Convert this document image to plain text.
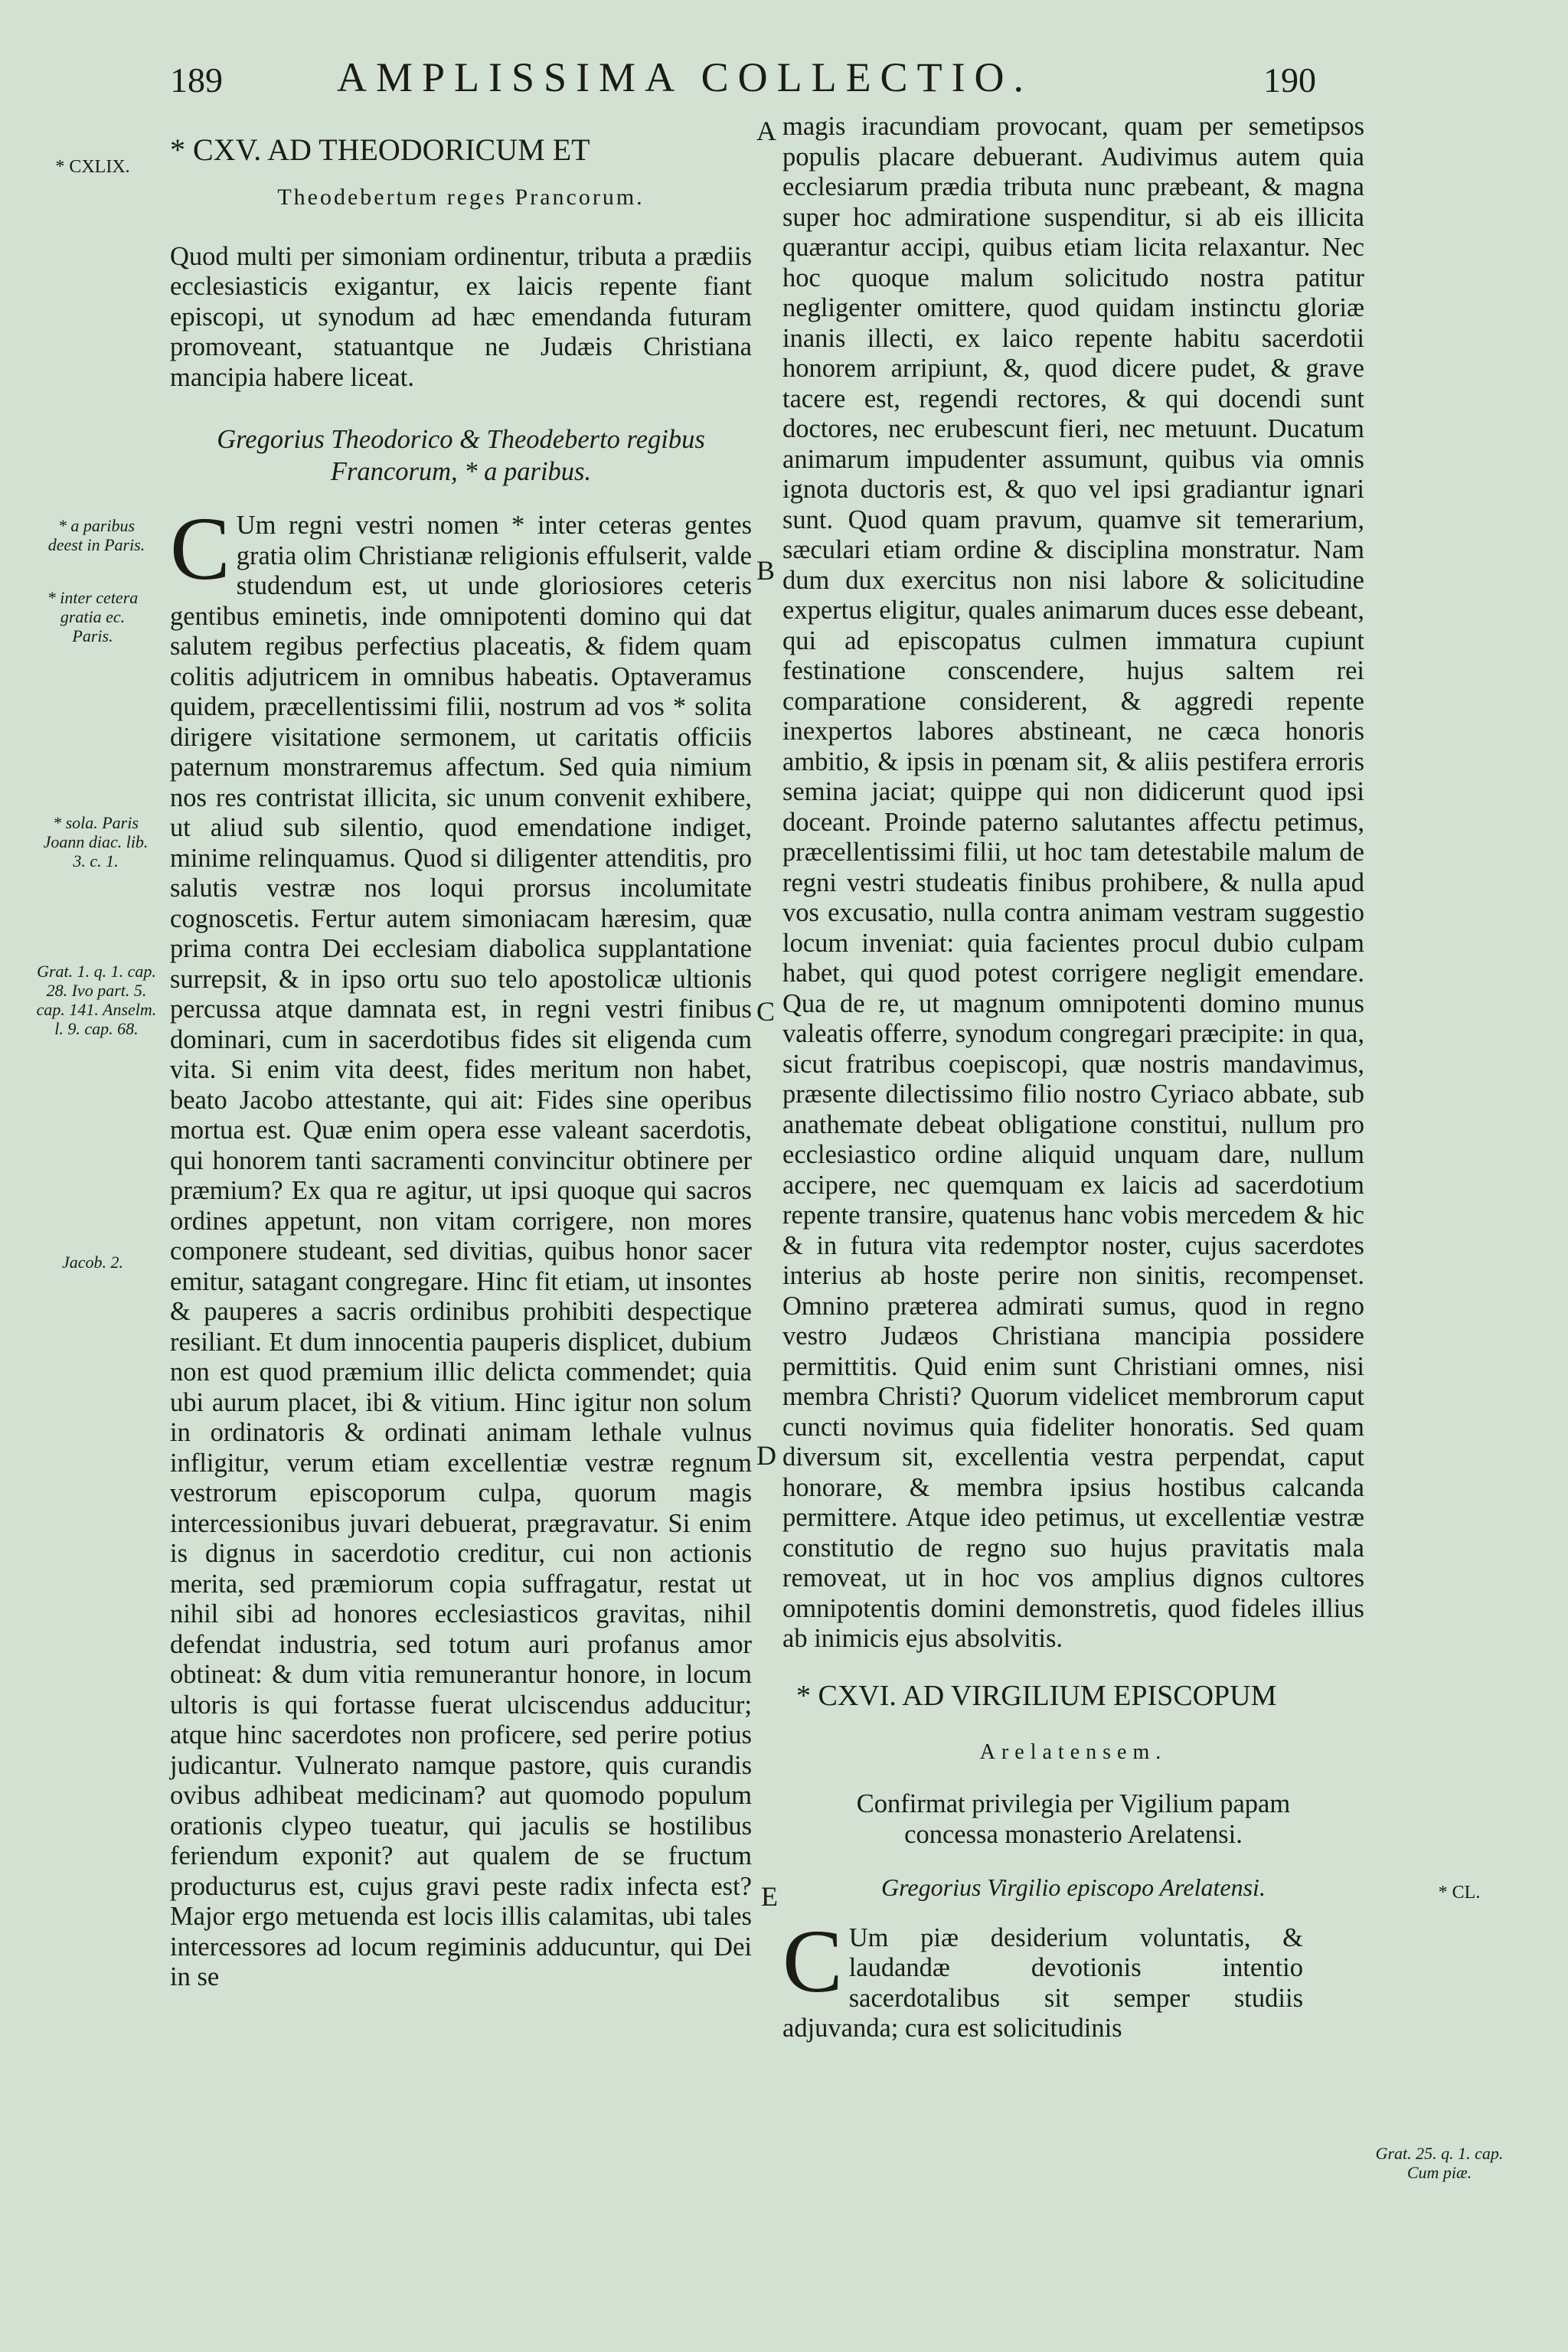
189	AMPLISSIMA COLLECTIO.	190
* CXLIX.
* a paribus deest in Paris.
* inter cetera gratia ec. Paris.
* sola. Paris Joann diac. lib. 3. c. 1.
Grat. 1. q. 1. cap. 28. Ivo part. 5. cap. 141. Anselm. l. 9. cap. 68.
Jacob. 2.
* CL.
Grat. 25. q. 1. cap. Cum piæ.
A
B
C
D
E

* CXV. AD THEODORICUM ET

Theodebertum reges Prancorum.

Quod multi per simoniam ordinentur, tributa a prædiis ecclesiasticis exigantur, ex laicis repente fiant episcopi, ut synodum ad hæc emendanda futuram promoveant, statuantque ne Judæis Christiana mancipia habere liceat.

Gregorius Theodorico & Theodeberto regibus Francorum, * a paribus.

C Um regni vestri nomen * inter ceteras gentes gratia olim Christianæ religionis effulserit, valde studendum est, ut unde gloriosiores ceteris gentibus eminetis, inde omnipotenti domino qui dat salutem regibus perfectius placeatis, & fidem quam colitis adjutricem in omnibus habeatis. Optaveramus quidem, præcellentissimi filii, nostrum ad vos * solita dirigere visitatione sermonem, ut caritatis officiis paternum monstraremus affectum. Sed quia nimium nos res contristat illicita, sic unum convenit exhibere, ut aliud sub silentio, quod emendatione indiget, minime relinquamus. Quod si diligenter attenditis, pro salutis vestræ nos loqui prorsus incolumitate cognoscetis. Fertur autem simoniacam hæresim, quæ prima contra Dei ecclesiam diabolica supplantatione surrepsit, & in ipso ortu suo telo apostolicæ ultionis percussa atque damnata est, in regni vestri finibus dominari, cum in sacerdotibus fides sit eligenda cum vita. Si enim vita deest, fides meritum non habet, beato Jacobo attestante, qui ait: Fides sine operibus mortua est. Quæ enim opera esse valeant sacerdotis, qui honorem tanti sacramenti convincitur obtinere per præmium? Ex qua re agitur, ut ipsi quoque qui sacros ordines appetunt, non vitam corrigere, non mores componere studeant, sed divitias, quibus honor sacer emitur, satagant congregare. Hinc fit etiam, ut insontes & pauperes a sacris ordinibus prohibiti despectique resiliant. Et dum innocentia pauperis displicet, dubium non est quod præmium illic delicta commendet; quia ubi aurum placet, ibi & vitium. Hinc igitur non solum in ordinatoris & ordinati animam lethale vulnus infligitur, verum etiam excellentiæ vestræ regnum vestrorum episcoporum culpa, quorum magis intercessionibus juvari debuerat, prægravatur. Si enim is dignus in sacerdotio creditur, cui non actionis merita, sed præmiorum copia suffragatur, restat ut nihil sibi ad honores ecclesiasticos gravitas, nihil defendat industria, sed totum auri profanus amor obtineat: & dum vitia remunerantur honore, in locum ultoris is qui fortasse fuerat ulciscendus adducitur; atque hinc sacerdotes non proficere, sed perire potius judicantur. Vulnerato namque pastore, quis curandis ovibus adhibeat medicinam? aut quomodo populum orationis clypeo tueatur, qui jaculis se hostilibus feriendum exponit? aut qualem de se fructum producturus est, cujus gravi peste radix infecta est? Major ergo metuenda est locis illis calamitas, ubi tales intercessores ad locum regiminis adducuntur, qui Dei in se

magis iracundiam provocant, quam per semetipsos populis placare debuerant. Audivimus autem quia ecclesiarum prædia tributa nunc præbeant, & magna super hoc admiratione suspenditur, si ab eis illicita quærantur accipi, quibus etiam licita relaxantur. Nec hoc quoque malum solicitudo nostra patitur negligenter omittere, quod quidam instinctu gloriæ inanis illecti, ex laico repente habitu sacerdotii honorem arripiunt, &, quod dicere pudet, & grave tacere est, regendi rectores, & qui docendi sunt doctores, nec erubescunt fieri, nec metuunt. Ducatum animarum impudenter assumunt, quibus via omnis ignota ductoris est, & quo vel ipsi gradiantur ignari sunt. Quod quam pravum, quamve sit temerarium, sæculari etiam ordine & disciplina monstratur. Nam dum dux exercitus non nisi labore & solicitudine expertus eligitur, quales animarum duces esse debeant, qui ad episcopatus culmen immatura cupiunt festinatione conscendere, hujus saltem rei comparatione considerent, & aggredi repente inexpertos labores abstineant, ne cæca honoris ambitio, & ipsis in pœnam sit, & aliis pestifera erroris semina jaciat; quippe qui non didicerunt quod ipsi doceant. Proinde paterno salutantes affectu petimus, præcellentissimi filii, ut hoc tam detestabile malum de regni vestri studeatis finibus prohibere, & nulla apud vos excusatio, nulla contra animam vestram suggestio locum inveniat: quia facientes procul dubio culpam habet, qui quod potest corrigere negligit emendare. Qua de re, ut magnum omnipotenti domino munus valeatis offerre, synodum congregari præcipite: in qua, sicut fratribus coepiscopi, quæ nostris mandavimus, præsente dilectissimo filio nostro Cyriaco abbate, sub anathemate debeat obligatione constitui, nullum pro ecclesiastico ordine aliquid unquam dare, nullum accipere, nec quemquam ex laicis ad sacerdotium repente transire, quatenus hanc vobis mercedem & hic & in futura vita redemptor noster, cujus sacerdotes interius ab hoste perire non sinitis, recompenset. Omnino præterea admirati sumus, quod in regno vestro Judæos Christiana mancipia possidere permittitis. Quid enim sunt Christiani omnes, nisi membra Christi? Quorum videlicet membrorum caput cuncti novimus quia fideliter honoratis. Sed quam diversum sit, excellentia vestra perpendat, caput honorare, & membra ipsius hostibus calcanda permittere. Atque ideo petimus, ut excellentiæ vestræ constitutio de regno suo hujus pravitatis mala removeat, ut in hoc vos amplius dignos cultores omnipotentis domini demonstretis, quod fideles illius ab inimicis ejus absolvitis.

* CXVI. AD VIRGILIUM EPISCOPUM

Arelatensem.

Confirmat privilegia per Vigilium papam concessa monasterio Arelatensi.

Gregorius Virgilio episcopo Arelatensi.

C Um piæ desiderium voluntatis, & laudandæ devotionis intentio sacerdotalibus sit semper studiis adjuvanda; cura est solicitudinis
